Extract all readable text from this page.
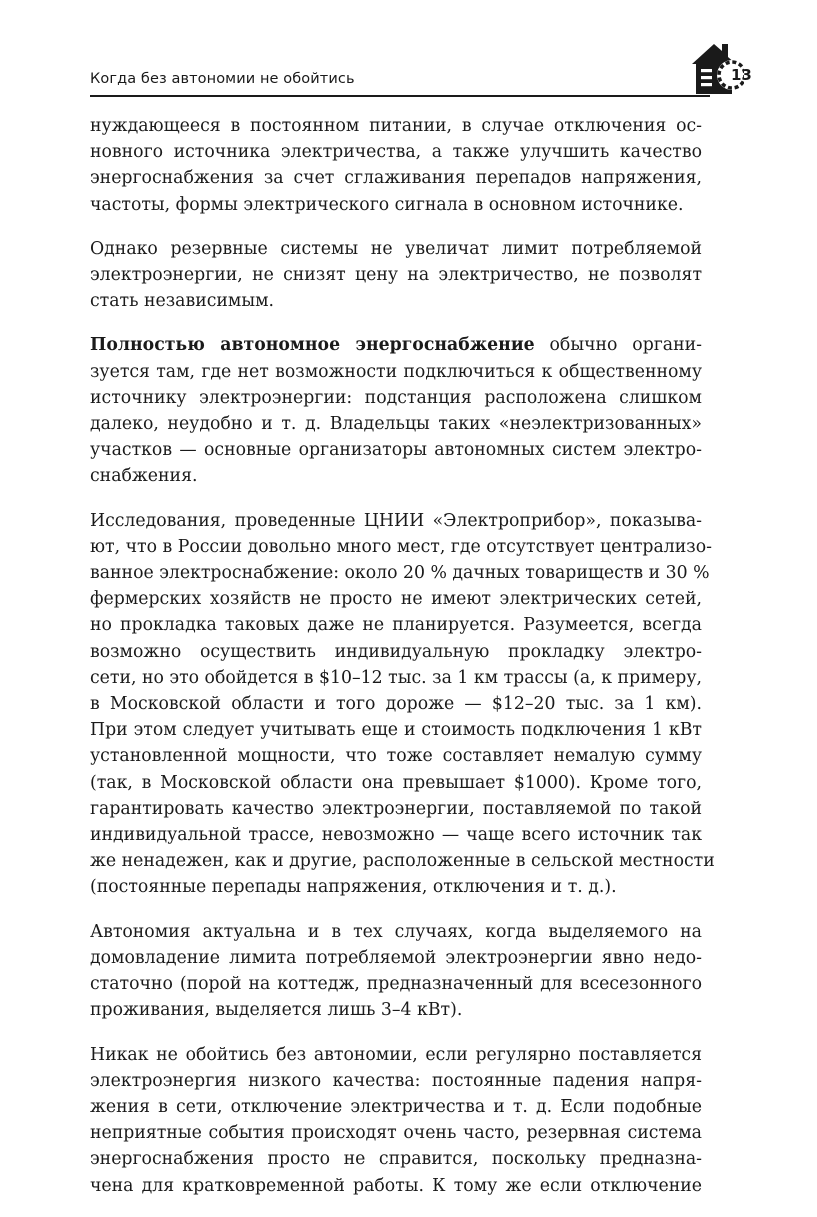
Когда без автономии не обойтись	13
нуждающееся в постоянном питании, в случае отключения ос-
новного источника электричества, а также улучшить качество
энергоснабжения за счет сглаживания перепадов напряжения,
частоты, формы электрического сигнала в основном источнике.
Однако резервные системы не увеличат лимит потребляемой
электроэнергии, не снизят цену на электричество, не позволят
стать независимым.
Полностью автономное энергоснабжение обычно органи-
зуется там, где нет возможности подключиться к общественному
источнику электроэнергии: подстанция расположена слишком
далеко, неудобно и т. д. Владельцы таких «неэлектризованных»
участков — основные организаторы автономных систем электро-
снабжения.
Исследования, проведенные ЦНИИ «Электроприбор», показыва-
ют, что в России довольно много мест, где отсутствует централизо-
ванное электроснабжение: около 20 % дачных товариществ и 30 %
фермерских хозяйств не просто не имеют электрических сетей,
но прокладка таковых даже не планируется. Разумеется, всегда
возможно осуществить индивидуальную прокладку электро-
сети, но это обойдется в $10–12 тыс. за 1 км трассы (а, к примеру,
в Московской области и того дороже — $12–20 тыс. за 1 км).
При этом следует учитывать еще и стоимость подключения 1 кВт
установленной мощности, что тоже составляет немалую сумму
(так, в Московской области она превышает $1000). Кроме того,
гарантировать качество электроэнергии, поставляемой по такой
индивидуальной трассе, невозможно — чаще всего источник так
же ненадежен, как и другие, расположенные в сельской местности
(постоянные перепады напряжения, отключения и т. д.).
Автономия актуальна и в тех случаях, когда выделяемого на
домовладение лимита потребляемой электроэнергии явно недо-
статочно (порой на коттедж, предназначенный для всесезонного
проживания, выделяется лишь 3–4 кВт).
Никак не обойтись без автономии, если регулярно поставляется
электроэнергия низкого качества: постоянные падения напря-
жения в сети, отключение электричества и т. д. Если подобные
неприятные события происходят очень часто, резервная система
энергоснабжения просто не справится, поскольку предназна-
чена для кратковременной работы. К тому же если отключение
